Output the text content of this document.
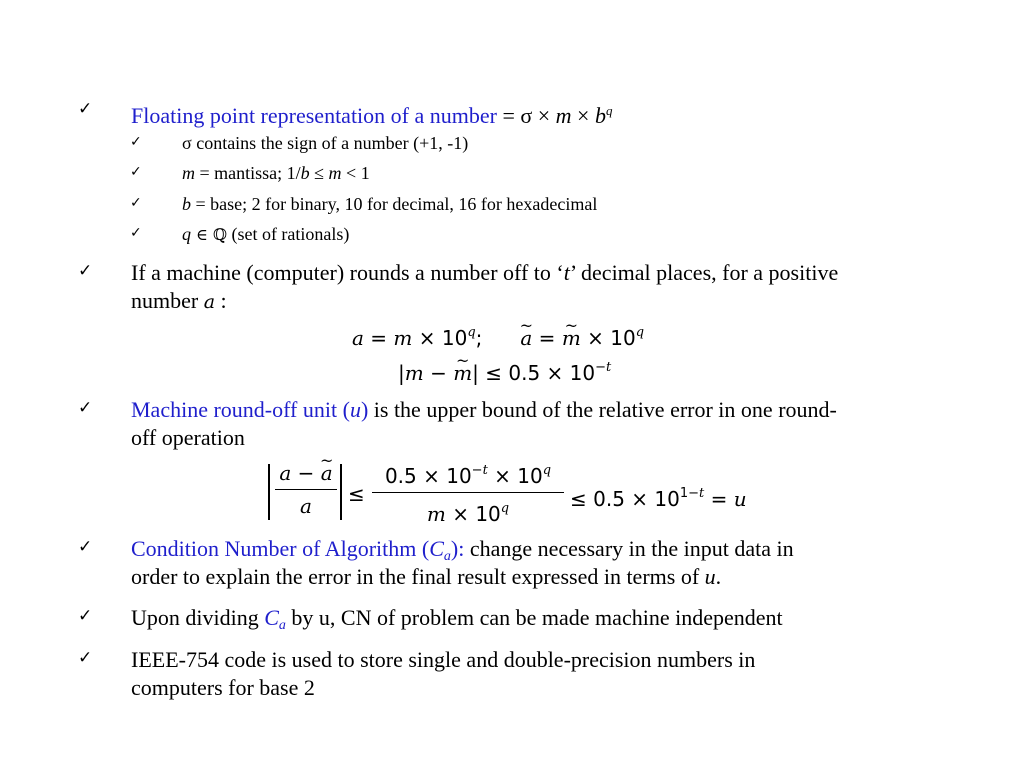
✓ Floating point representation of a number = $\sigma \times m \times b^q$
✓ σ contains the sign of a number (+1, -1)
✓ m = mantissa; 1/b ≤ m < 1
✓ b = base; 2 for binary, 10 for decimal, 16 for hexadecimal
✓ q ∈ ℚ (set of rationals)
✓ If a machine (computer) rounds a number off to ‘t’ decimal places, for a positive
number a :
$a = m \times 10^q;\sim$ a = ~ $m \times 10^q$
|m − ~ $m| \le 0.5 \times 10^{-t}$
✓ Machine round-off unit (u) is the upper bound of the relative error in one round-
off operation
a − ~ a
a	≤
$0.5 \times 10^{-t} \times 10^q$
$m \times 10^q$	≤ $0.5 \times 10^{1-t} = u$
✓ Condition Number of Algorithm $(C_a)$: change necessary in the input data in
order to explain the error in the final result expressed in terms of u.
✓ Upon dividing $C_a$ by u, CN of problem can be made machine independent
✓ IEEE-754 code is used to store single and double-precision numbers in
computers for base 2
